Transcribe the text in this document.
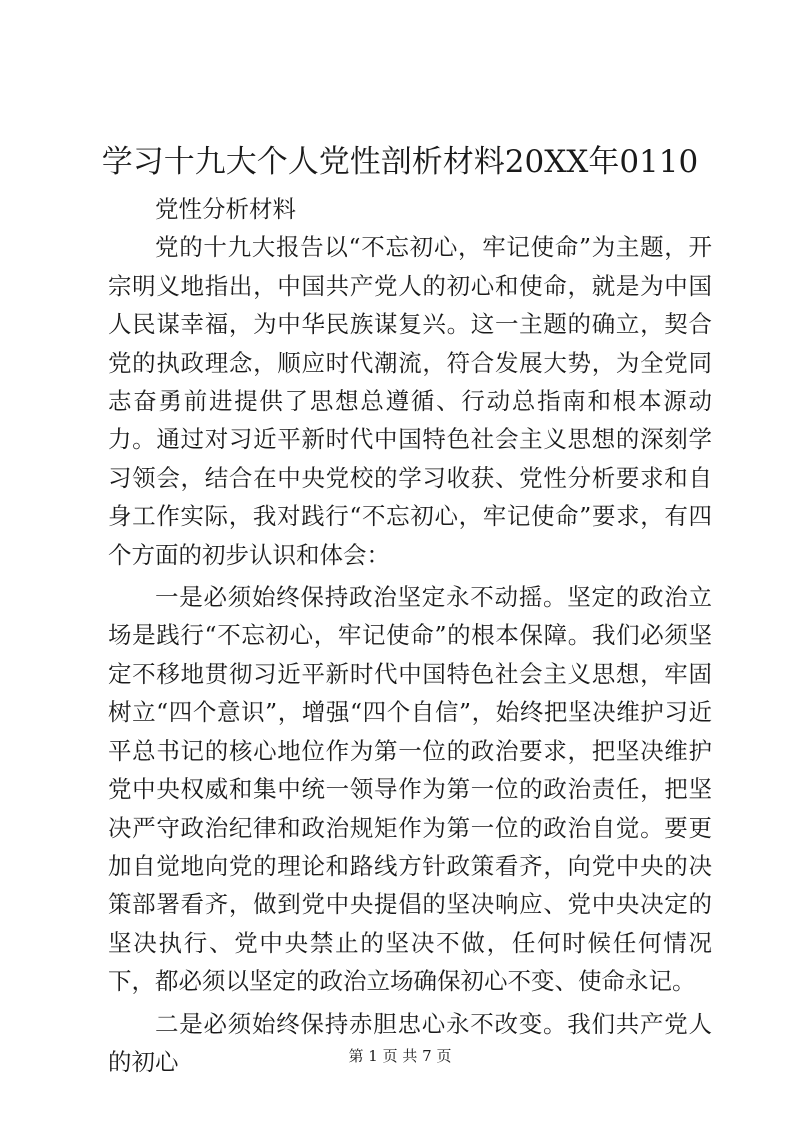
学习十九大个人党性剖析材料20XX年0110

党性分析材料

党的十九大报告以“不忘初心，牢记使命”为主题，开宗明义地指出，中国共产党人的初心和使命，就是为中国人民谋幸福，为中华民族谋复兴。这一主题的确立，契合党的执政理念，顺应时代潮流，符合发展大势，为全党同志奋勇前进提供了思想总遵循、行动总指南和根本源动力。通过对习近平新时代中国特色社会主义思想的深刻学习领会，结合在中央党校的学习收获、党性分析要求和自身工作实际，我对践行“不忘初心，牢记使命”要求，有四个方面的初步认识和体会：

一是必须始终保持政治坚定永不动摇。坚定的政治立场是践行“不忘初心，牢记使命”的根本保障。我们必须坚定不移地贯彻习近平新时代中国特色社会主义思想，牢固树立“四个意识”，增强“四个自信”，始终把坚决维护习近平总书记的核心地位作为第一位的政治要求，把坚决维护党中央权威和集中统一领导作为第一位的政治责任，把坚决严守政治纪律和政治规矩作为第一位的政治自觉。要更加自觉地向党的理论和路线方针政策看齐，向党中央的决策部署看齐，做到党中央提倡的坚决响应、党中央决定的坚决执行、党中央禁止的坚决不做，任何时候任何情况下，都必须以坚定的政治立场确保初心不变、使命永记。

二是必须始终保持赤胆忠心永不改变。我们共产党人的初心	第 1 页 共 7 页
